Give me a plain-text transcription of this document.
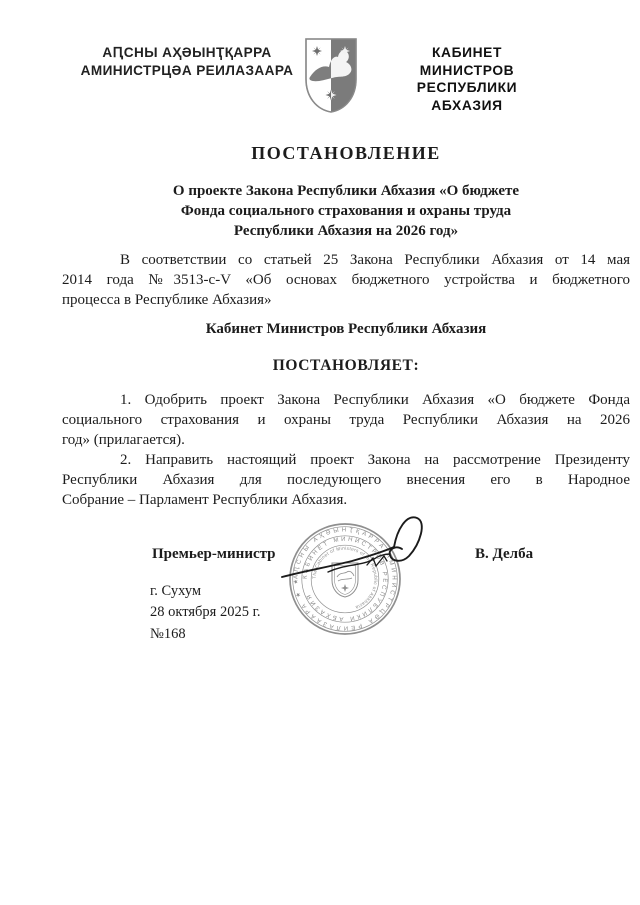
АԤСНЫ АҲӘЫНҬҚАРРА
АМИНИСТРЦӘА РЕИЛАЗААРА
КАБИНЕТ МИНИСТРОВ
РЕСПУБЛИКИ АБХАЗИЯ
ПОСТАНОВЛЕНИЕ
О проекте Закона Республики Абхазия «О бюджете
Фонда социального страхования и охраны труда
Республики Абхазия на 2026 год»
В соответствии со статьей 25 Закона Республики Абхазия от 14 мая
2014 года №3513-с-V «Об основах бюджетного устройства и бюджетного
процесса в Республике Абхазия»
Кабинет Министров Республики Абхазия
ПОСТАНОВЛЯЕТ:
1. Одобрить проект Закона Республики Абхазия «О бюджете Фонда
социального страхования и охраны труда Республики Абхазия на 2026
год» (прилагается).
2. Направить настоящий проект Закона на рассмотрение Президенту
Республики Абхазия для последующего внесения его в Народное
Собрание – Парламент Республики Абхазия.
Премьер-министр	В. Делба
АԤСНЫ АҲӘЫНҬҚАРРА АМИНИСТРЦӘА РЕИЛАЗААРА ★ ★
КАБИНЕТ МИНИСТРОВ РЕСПУБЛИКИ АБХАЗИЯ
The Cabinet of Ministers of the Republic of Abkhazia
г. Сухум
28 октября 2025 г.
№168
